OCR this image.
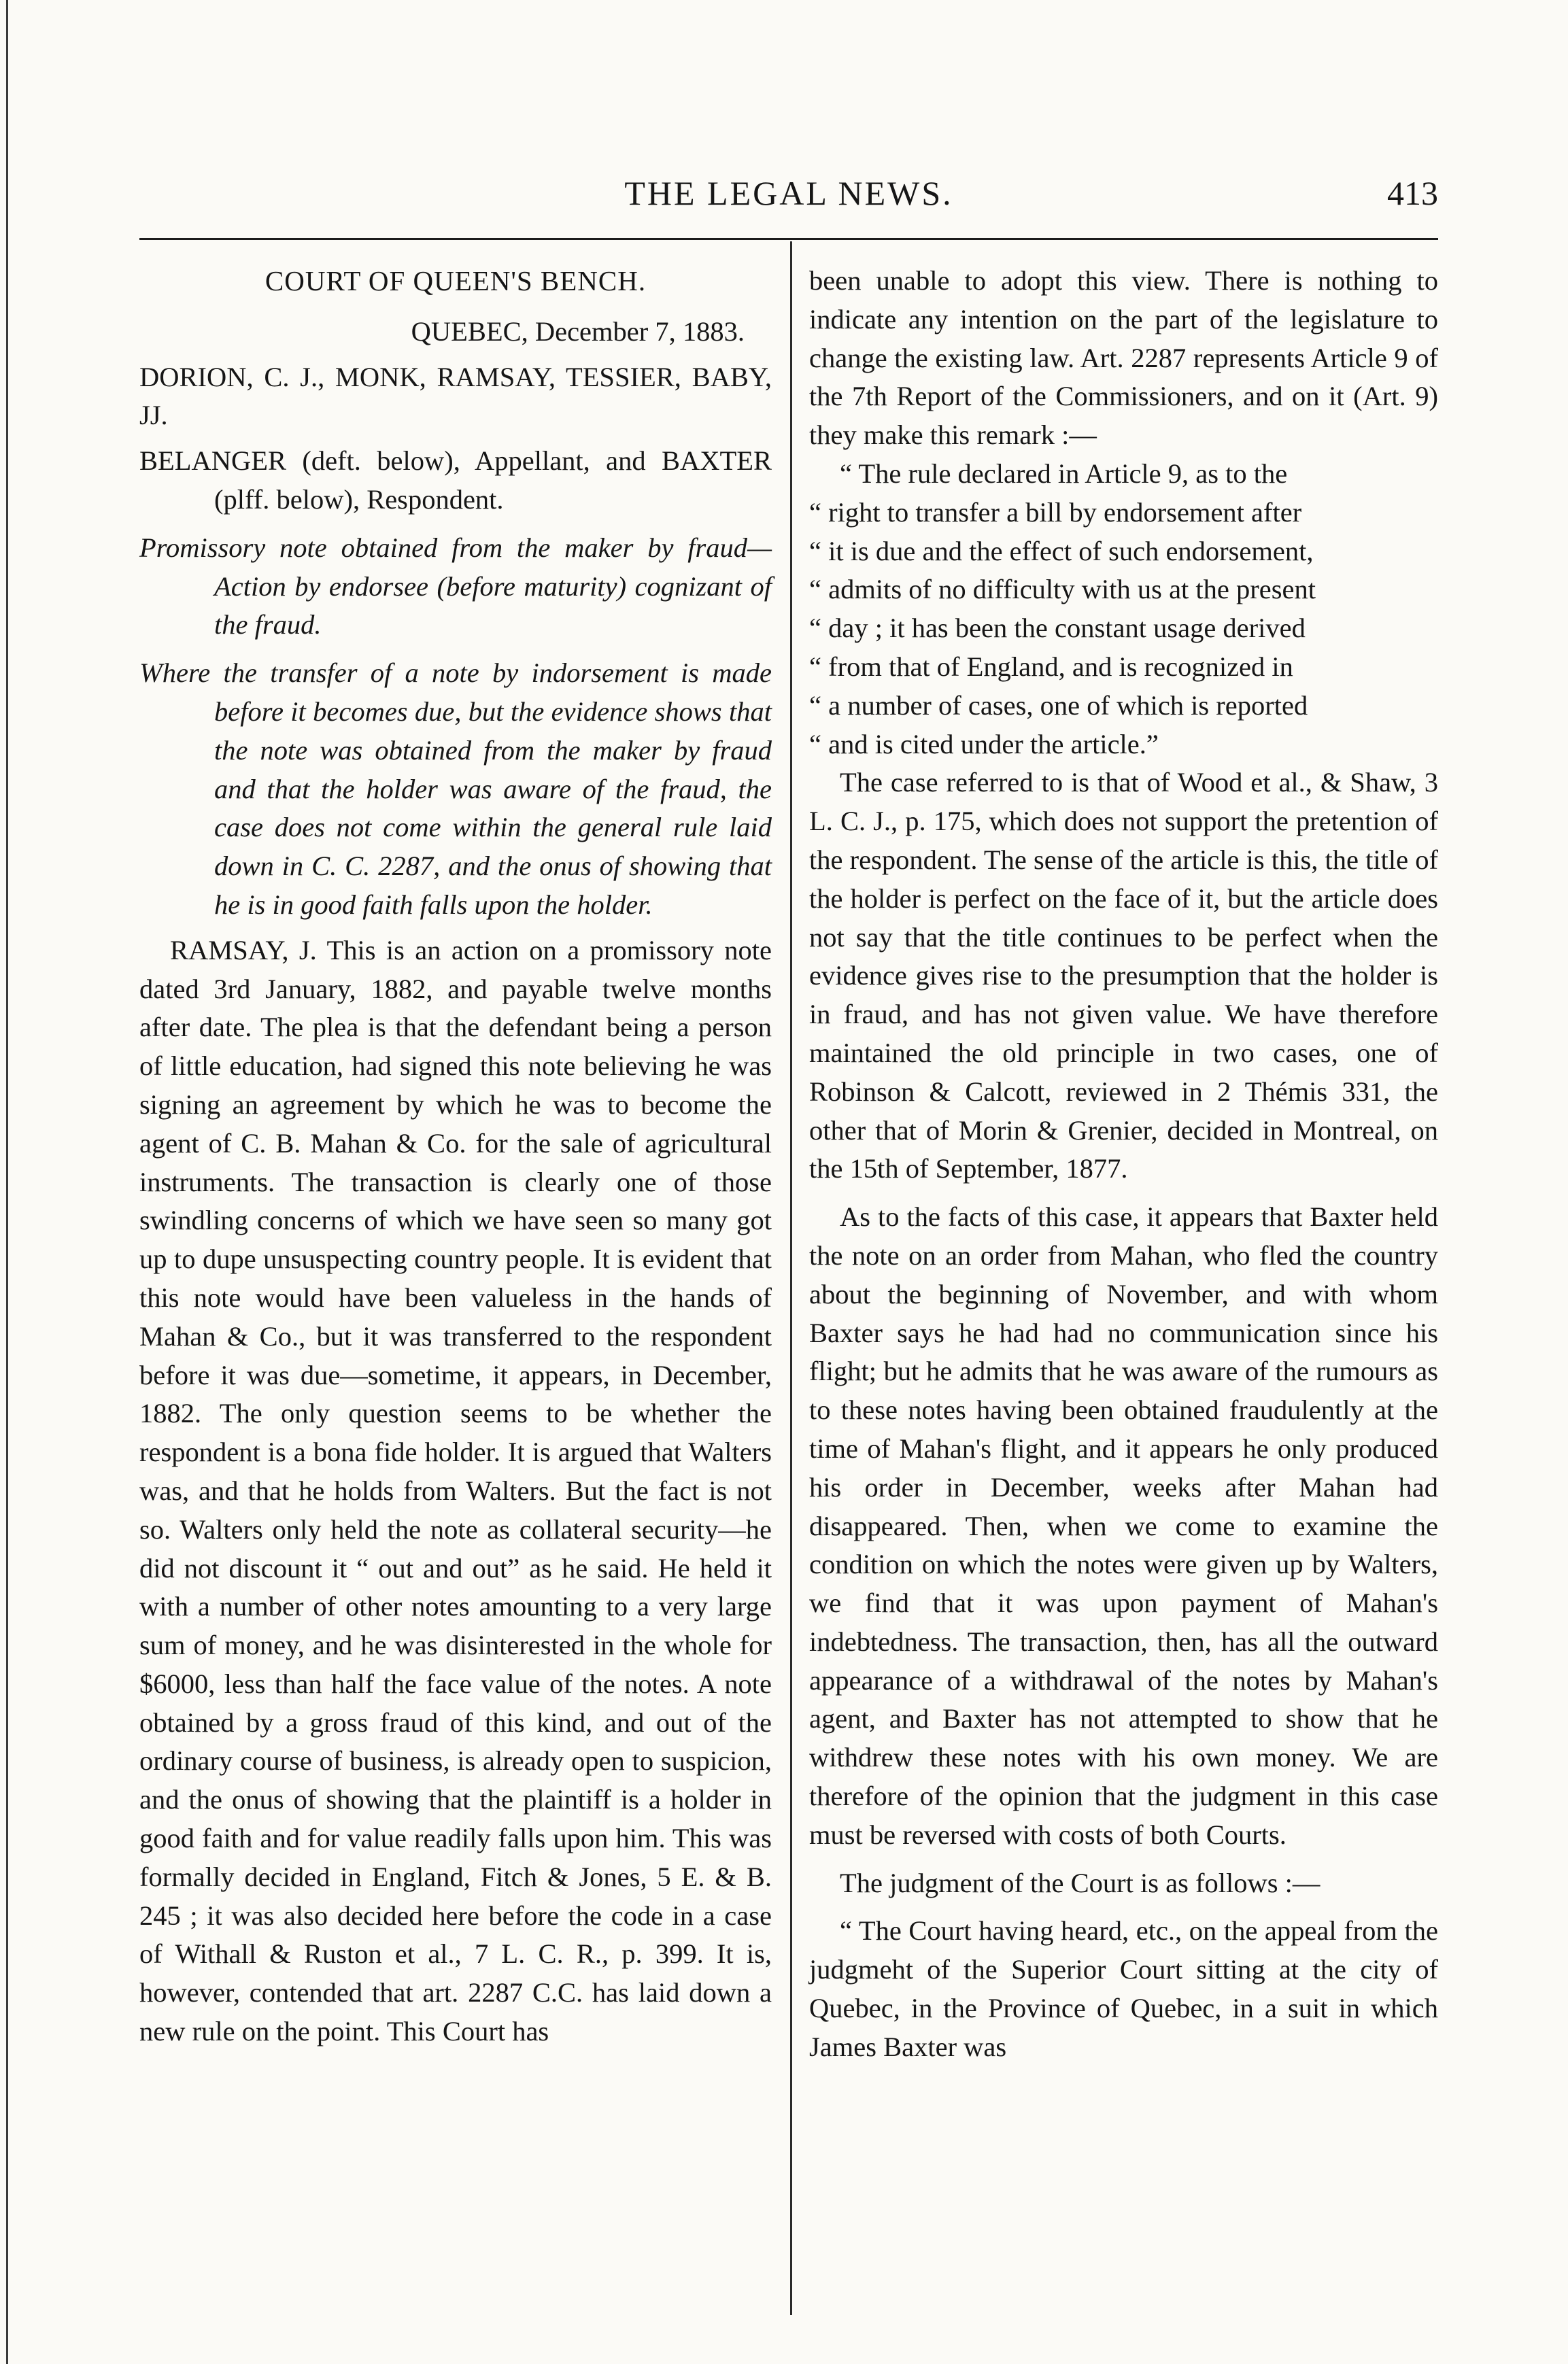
THE LEGAL NEWS.	413

COURT OF QUEEN'S BENCH.

QUEBEC, December 7, 1883.

DORION, C. J., MONK, RAMSAY, TESSIER, BABY, JJ.

BELANGER (deft. below), Appellant, and BAXTER (plff. below), Respondent.

Promissory note obtained from the maker by fraud—Action by endorsee (before maturity) cognizant of the fraud.

Where the transfer of a note by indorsement is made before it becomes due, but the evidence shows that the note was obtained from the maker by fraud and that the holder was aware of the fraud, the case does not come within the general rule laid down in C. C. 2287, and the onus of showing that he is in good faith falls upon the holder.

RAMSAY, J. This is an action on a promissory note dated 3rd January, 1882, and payable twelve months after date. The plea is that the defendant being a person of little education, had signed this note believing he was signing an agreement by which he was to become the agent of C. B. Mahan & Co. for the sale of agricultural instruments. The transaction is clearly one of those swindling concerns of which we have seen so many got up to dupe unsuspecting country people. It is evident that this note would have been valueless in the hands of Mahan & Co., but it was transferred to the respondent before it was due—sometime, it appears, in December, 1882. The only question seems to be whether the respondent is a bona fide holder. It is argued that Walters was, and that he holds from Walters. But the fact is not so. Walters only held the note as collateral security—he did not discount it “ out and out” as he said. He held it with a number of other notes amounting to a very large sum of money, and he was disinterested in the whole for $6000, less than half the face value of the notes. A note obtained by a gross fraud of this kind, and out of the ordinary course of business, is already open to suspicion, and the onus of showing that the plaintiff is a holder in good faith and for value readily falls upon him. This was formally decided in England, Fitch & Jones, 5 E. & B. 245 ; it was also decided here before the code in a case of Withall & Ruston et al., 7 L. C. R., p. 399. It is, however, contended that art. 2287 C.C. has laid down a new rule on the point. This Court has

been unable to adopt this view. There is nothing to indicate any intention on the part of the legislature to change the existing law. Art. 2287 represents Article 9 of the 7th Report of the Commissioners, and on it (Art. 9) they make this remark :—

“ The rule declared in Article 9, as to the

“ right to transfer a bill by endorsement after

“ it is due and the effect of such endorsement,

“ admits of no difficulty with us at the present

“ day ; it has been the constant usage derived

“ from that of England, and is recognized in

“ a number of cases, one of which is reported

“ and is cited under the article.”

The case referred to is that of Wood et al., & Shaw, 3 L. C. J., p. 175, which does not support the pretention of the respondent. The sense of the article is this, the title of the holder is perfect on the face of it, but the article does not say that the title continues to be perfect when the evidence gives rise to the presumption that the holder is in fraud, and has not given value. We have therefore maintained the old principle in two cases, one of Robinson & Calcott, reviewed in 2 Thémis 331, the other that of Morin & Grenier, decided in Montreal, on the 15th of September, 1877.

As to the facts of this case, it appears that Baxter held the note on an order from Mahan, who fled the country about the beginning of November, and with whom Baxter says he had had no communication since his flight; but he admits that he was aware of the rumours as to these notes having been obtained fraudulently at the time of Mahan's flight, and it appears he only produced his order in December, weeks after Mahan had disappeared. Then, when we come to examine the condition on which the notes were given up by Walters, we find that it was upon payment of Mahan's indebtedness. The transaction, then, has all the outward appearance of a withdrawal of the notes by Mahan's agent, and Baxter has not attempted to show that he withdrew these notes with his own money. We are therefore of the opinion that the judgment in this case must be reversed with costs of both Courts.

The judgment of the Court is as follows :—

“ The Court having heard, etc., on the appeal from the judgmeht of the Superior Court sitting at the city of Quebec, in the Province of Quebec, in a suit in which James Baxter was
